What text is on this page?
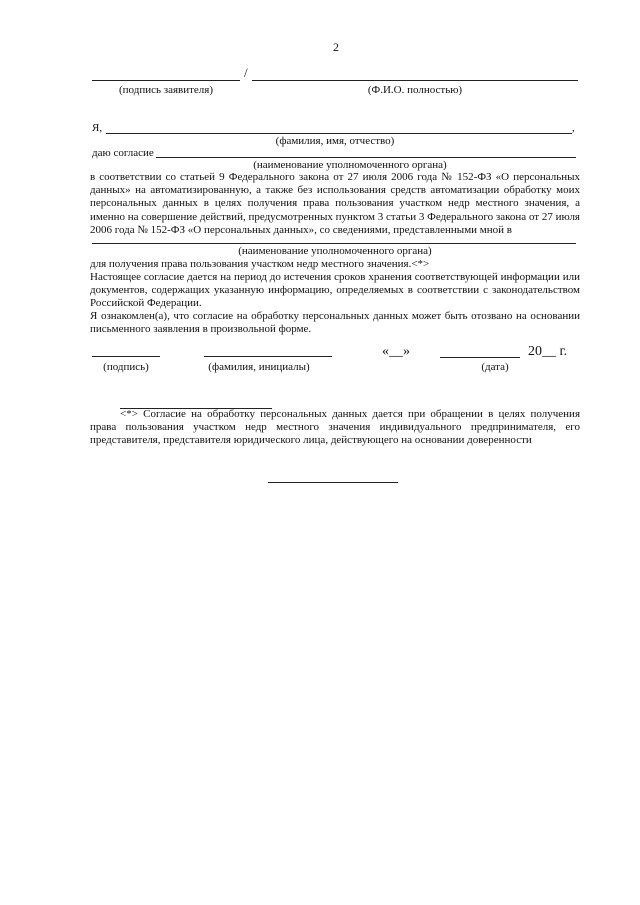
2
/
(подпись заявителя)	(Ф.И.О. полностью)
Я,	,
(фамилия, имя, отчество)
даю согласие
(наименование уполномоченного органа)
в соответствии со статьей 9 Федерального закона от 27 июля 2006 года № 152-ФЗ «О персональных данных» на автоматизированную, а также без использования средств автоматизации обработку моих персональных данных в целях получения права пользования участком недр местного значения, а именно на совершение действий, предусмотренных пунктом 3 статьи 3 Федерального закона от 27 июля 2006 года № 152-ФЗ «О персональных данных», со сведениями, представленными мной в
(наименование уполномоченного органа)
для получения права пользования участком недр местного значения.<*>
Настоящее согласие дается на период до истечения сроков хранения соответствующей информации или документов, содержащих указанную информацию, определяемых в соответствии с законодательством Российской Федерации.
Я ознакомлен(а), что согласие на обработку персональных данных может быть отозвано на основании письменного заявления в произвольной форме.
(подпись)	(фамилия, инициалы)
«__»	20__ г.
(дата)
<*> Согласие на обработку персональных данных дается при обращении в целях получения права пользования участком недр местного значения индивидуального предпринимателя, его представителя, представителя юридического лица, действующего на основании доверенности
